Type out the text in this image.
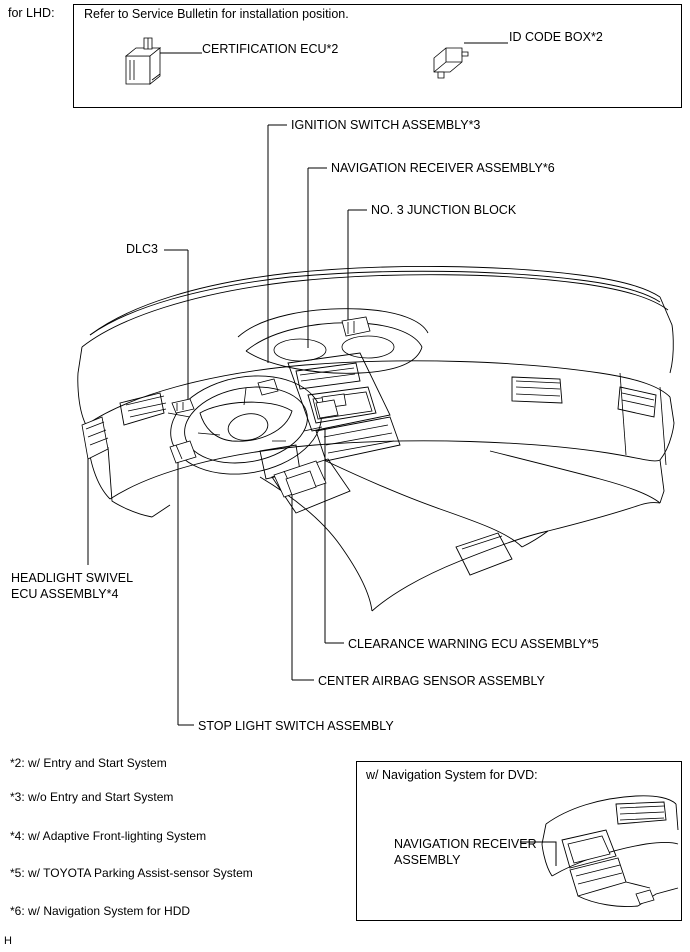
for LHD: Refer to Service Bulletin for installation position.
CERTIFICATION ECU*2
ID CODE BOX*2
IGNITION SWITCH ASSEMBLY*3
NAVIGATION RECEIVER ASSEMBLY*6
NO. 3 JUNCTION BLOCK
DLC3
HEADLIGHT SWIVEL
ECU ASSEMBLY*4
CLEARANCE WARNING ECU ASSEMBLY*5
CENTER AIRBAG SENSOR ASSEMBLY
STOP LIGHT SWITCH ASSEMBLY
*2: w/ Entry and Start System
*3: w/o Entry and Start System
*4: w/ Adaptive Front-lighting System
*5: w/ TOYOTA Parking Assist-sensor System
*6: w/ Navigation System for HDD
w/ Navigation System for DVD:
NAVIGATION RECEIVER
ASSEMBLY
H
